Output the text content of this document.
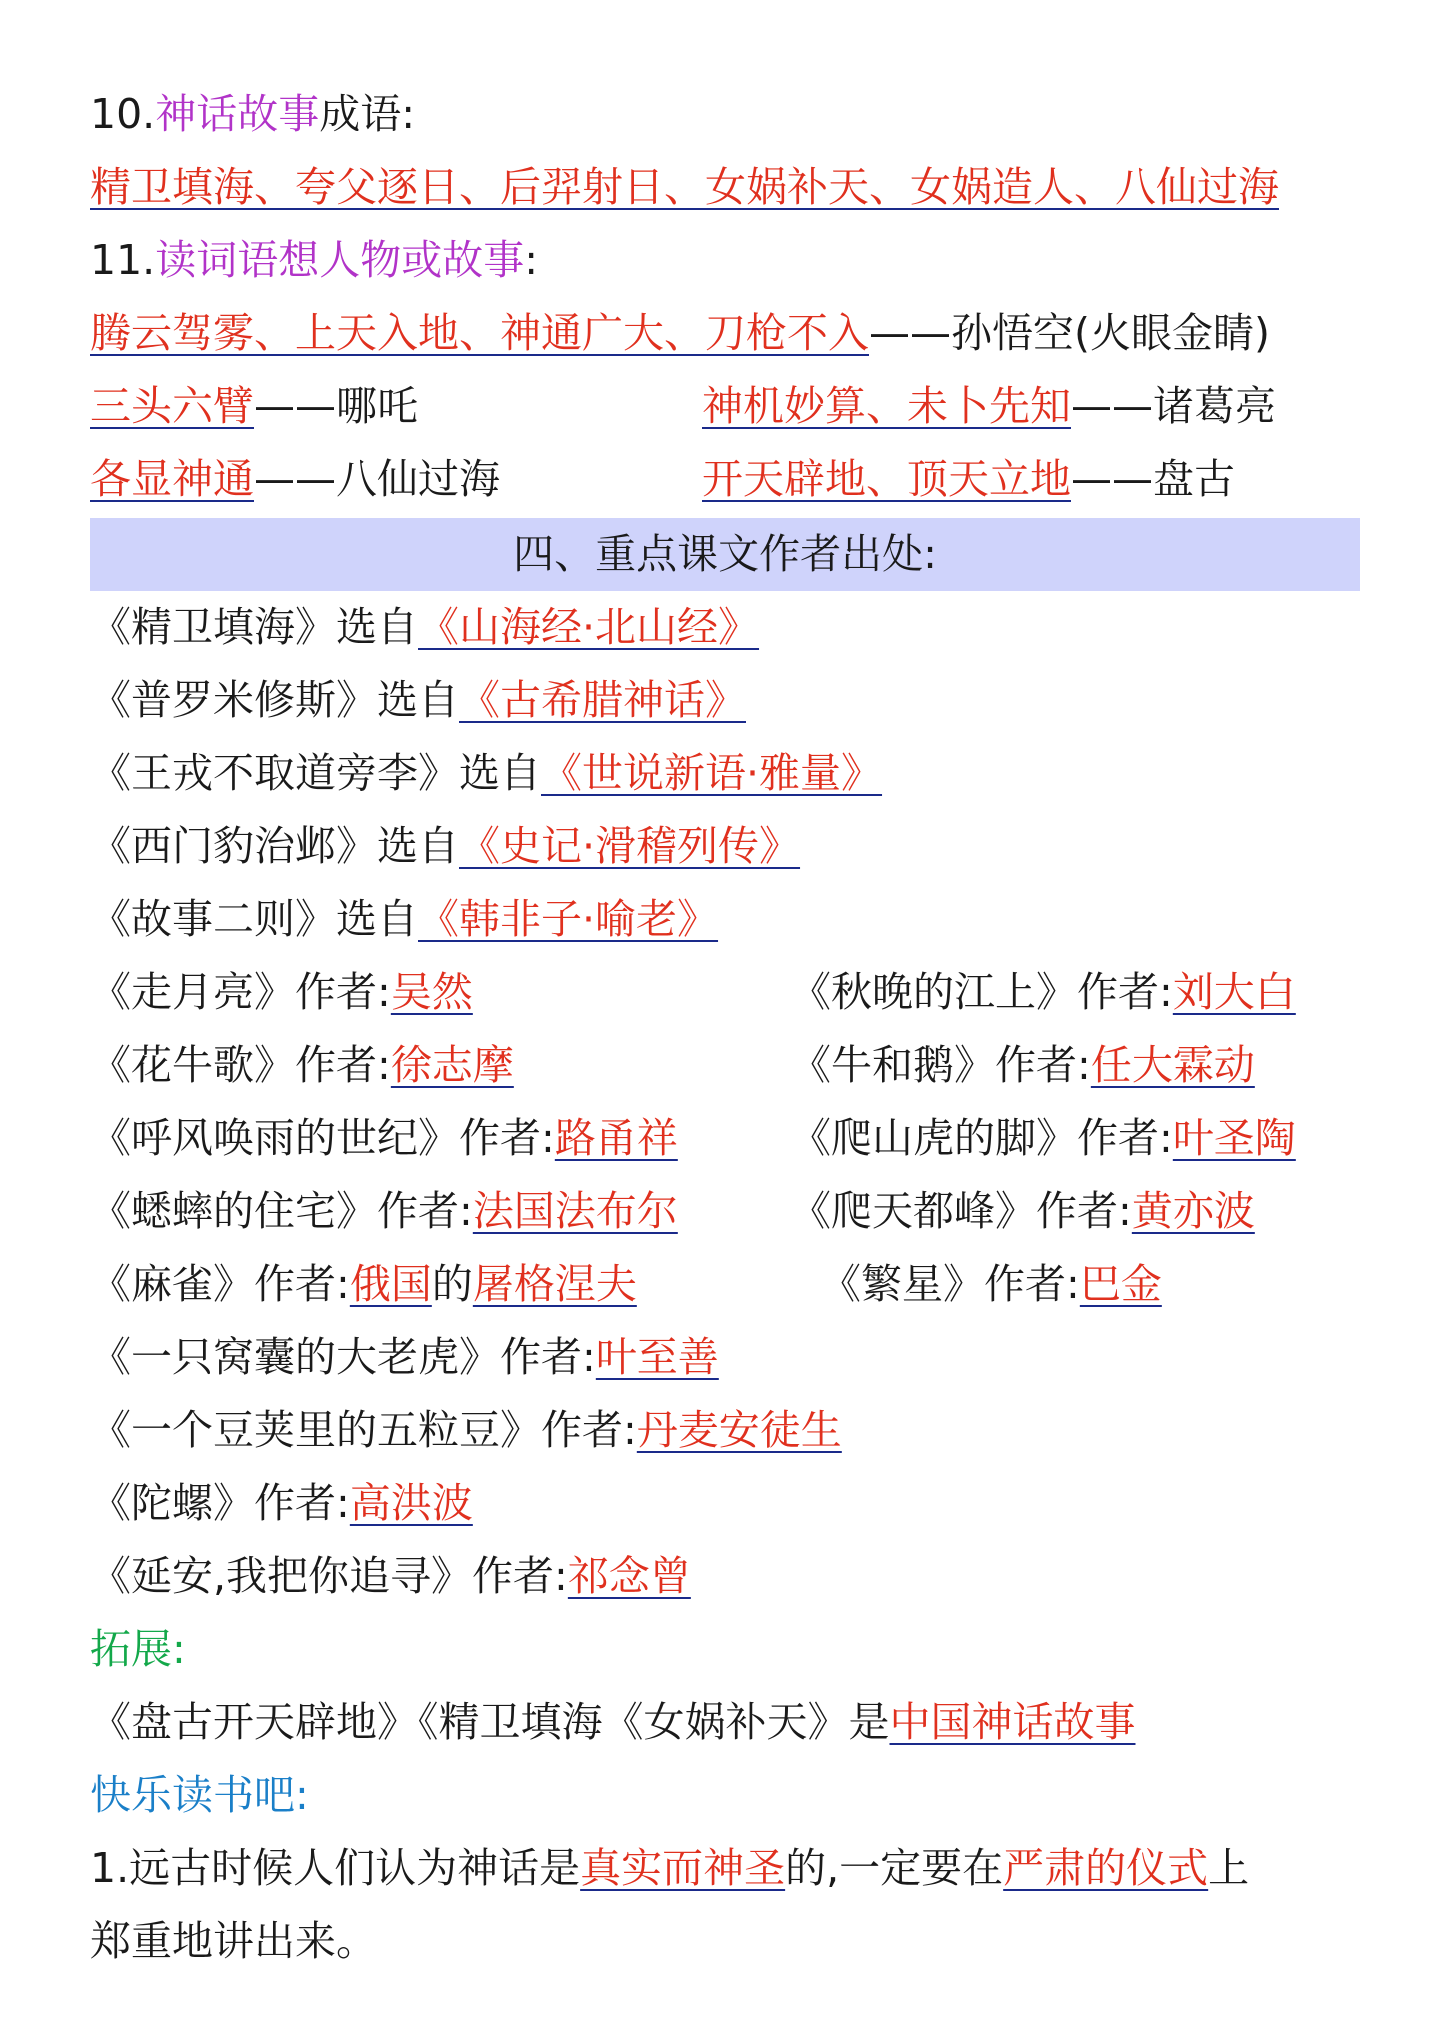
10.神话故事成语:
精卫填海、夸父逐日、后羿射日、女娲补天、女娲造人、八仙过海
11.读词语想人物或故事:
腾云驾雾、上天入地、神通广大、刀枪不入——孙悟空(火眼金睛)
三头六臂——哪吒	神机妙算、未卜先知——诸葛亮
各显神通——八仙过海	开天辟地、顶天立地——盘古
四、重点课文作者出处:
《精卫填海》选自《山海经·北山经》
《普罗米修斯》选自《古希腊神话》
《王戎不取道旁李》选自《世说新语·雅量》
《西门豹治邺》选自《史记·滑稽列传》
《故事二则》选自《韩非子·喻老》
《走月亮》作者:吴然	《秋晚的江上》作者:刘大白
《花牛歌》作者:徐志摩	《牛和鹅》作者:任大霖动
《呼风唤雨的世纪》作者:路甬祥	《爬山虎的脚》作者:叶圣陶
《蟋蟀的住宅》作者:法国法布尔	《爬天都峰》作者:黄亦波
《麻雀》作者:俄国的屠格涅夫	《繁星》作者:巴金
《一只窝囊的大老虎》作者:叶至善
《一个豆荚里的五粒豆》作者:丹麦安徒生
《陀螺》作者:高洪波
《延安,我把你追寻》作者:祁念曾
拓展:
《盘古开天辟地》《精卫填海《女娲补天》是中国神话故事
快乐读书吧:
1.远古时候人们认为神话是真实而神圣的,一定要在严肃的仪式上
郑重地讲出来。
